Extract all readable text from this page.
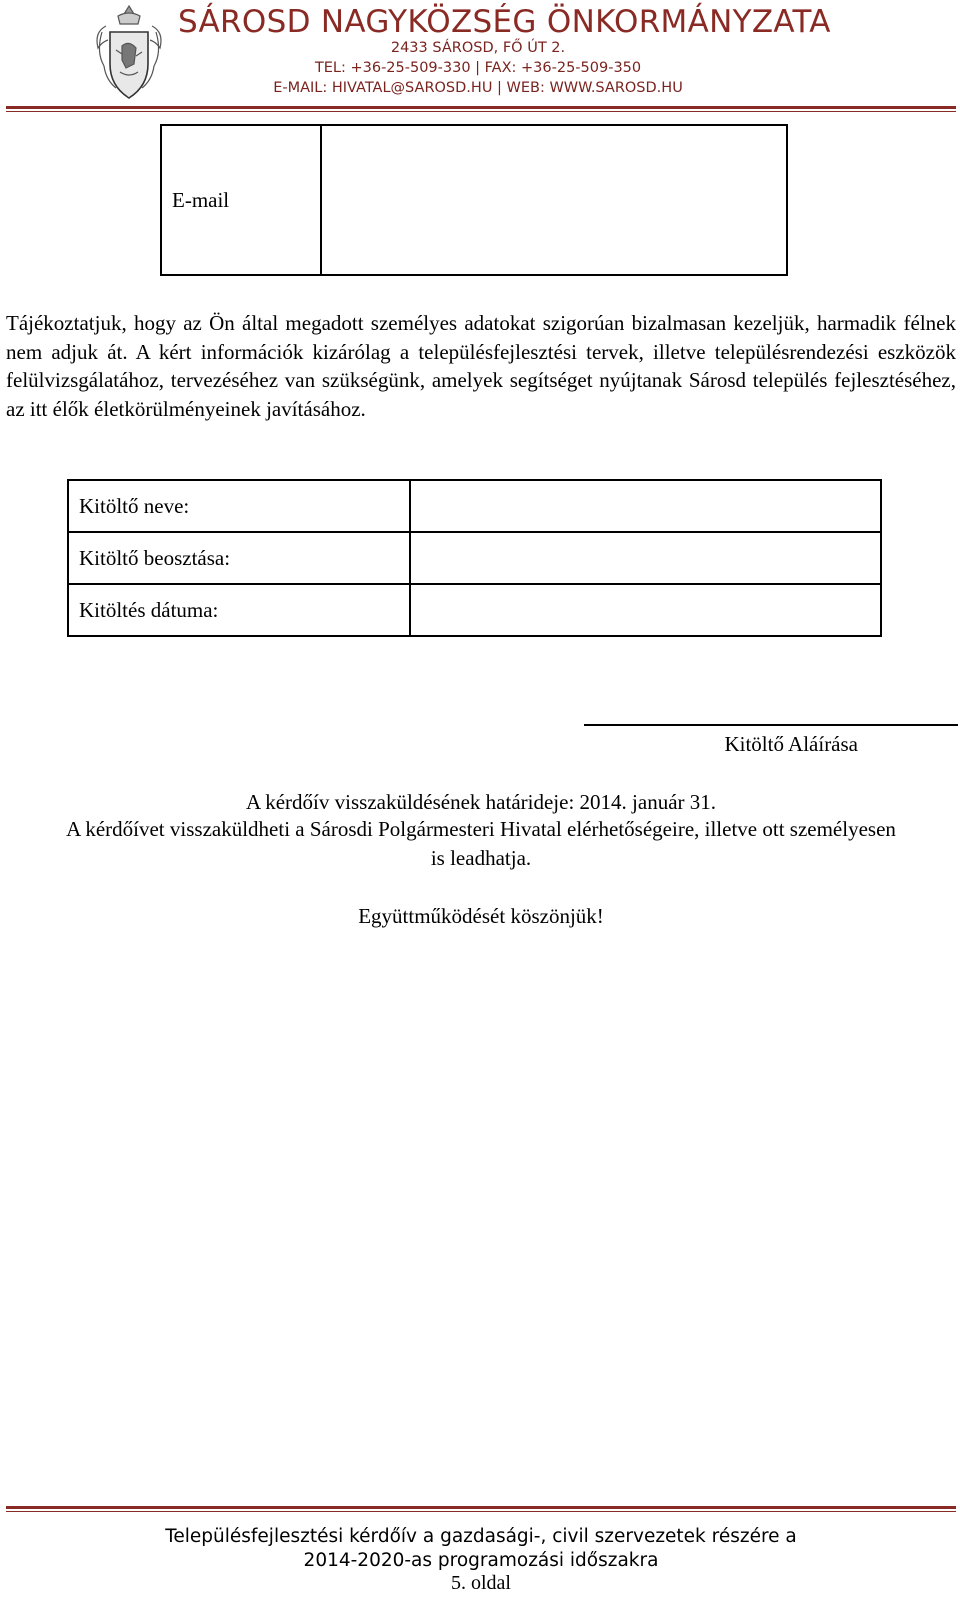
SÁROSD NAGYKÖZSÉG ÖNKORMÁNYZATA
2433 SÁROSD, FŐ ÚT 2.
TEL: +36-25-509-330 | FAX: +36-25-509-350
E-MAIL: HIVATAL@SAROSD.HU | WEB: WWW.SAROSD.HU
E-mail	
Tájékoztatjuk, hogy az Ön által megadott személyes adatokat szigorúan bizalmasan kezeljük, harmadik félnek nem adjuk át. A kért információk kizárólag a településfejlesztési tervek, illetve településrendezési eszközök felülvizsgálatához, tervezéséhez van szükségünk, amelyek segítséget nyújtanak Sárosd település fejlesztéséhez, az itt élők életkörülményeinek javításához.
Kitöltő neve:	
Kitöltő beosztása:	
Kitöltés dátuma:	
Kitöltő Aláírása
A kérdőív visszaküldésének határideje: 2014. január 31.
A kérdőívet visszaküldheti a Sárosdi Polgármesteri Hivatal elérhetőségeire, illetve ott személyesen is leadhatja.
Együttműködését köszönjük!
Településfejlesztési kérdőív a gazdasági-, civil szervezetek részére a
2014-2020-as programozási időszakra
5. oldal
